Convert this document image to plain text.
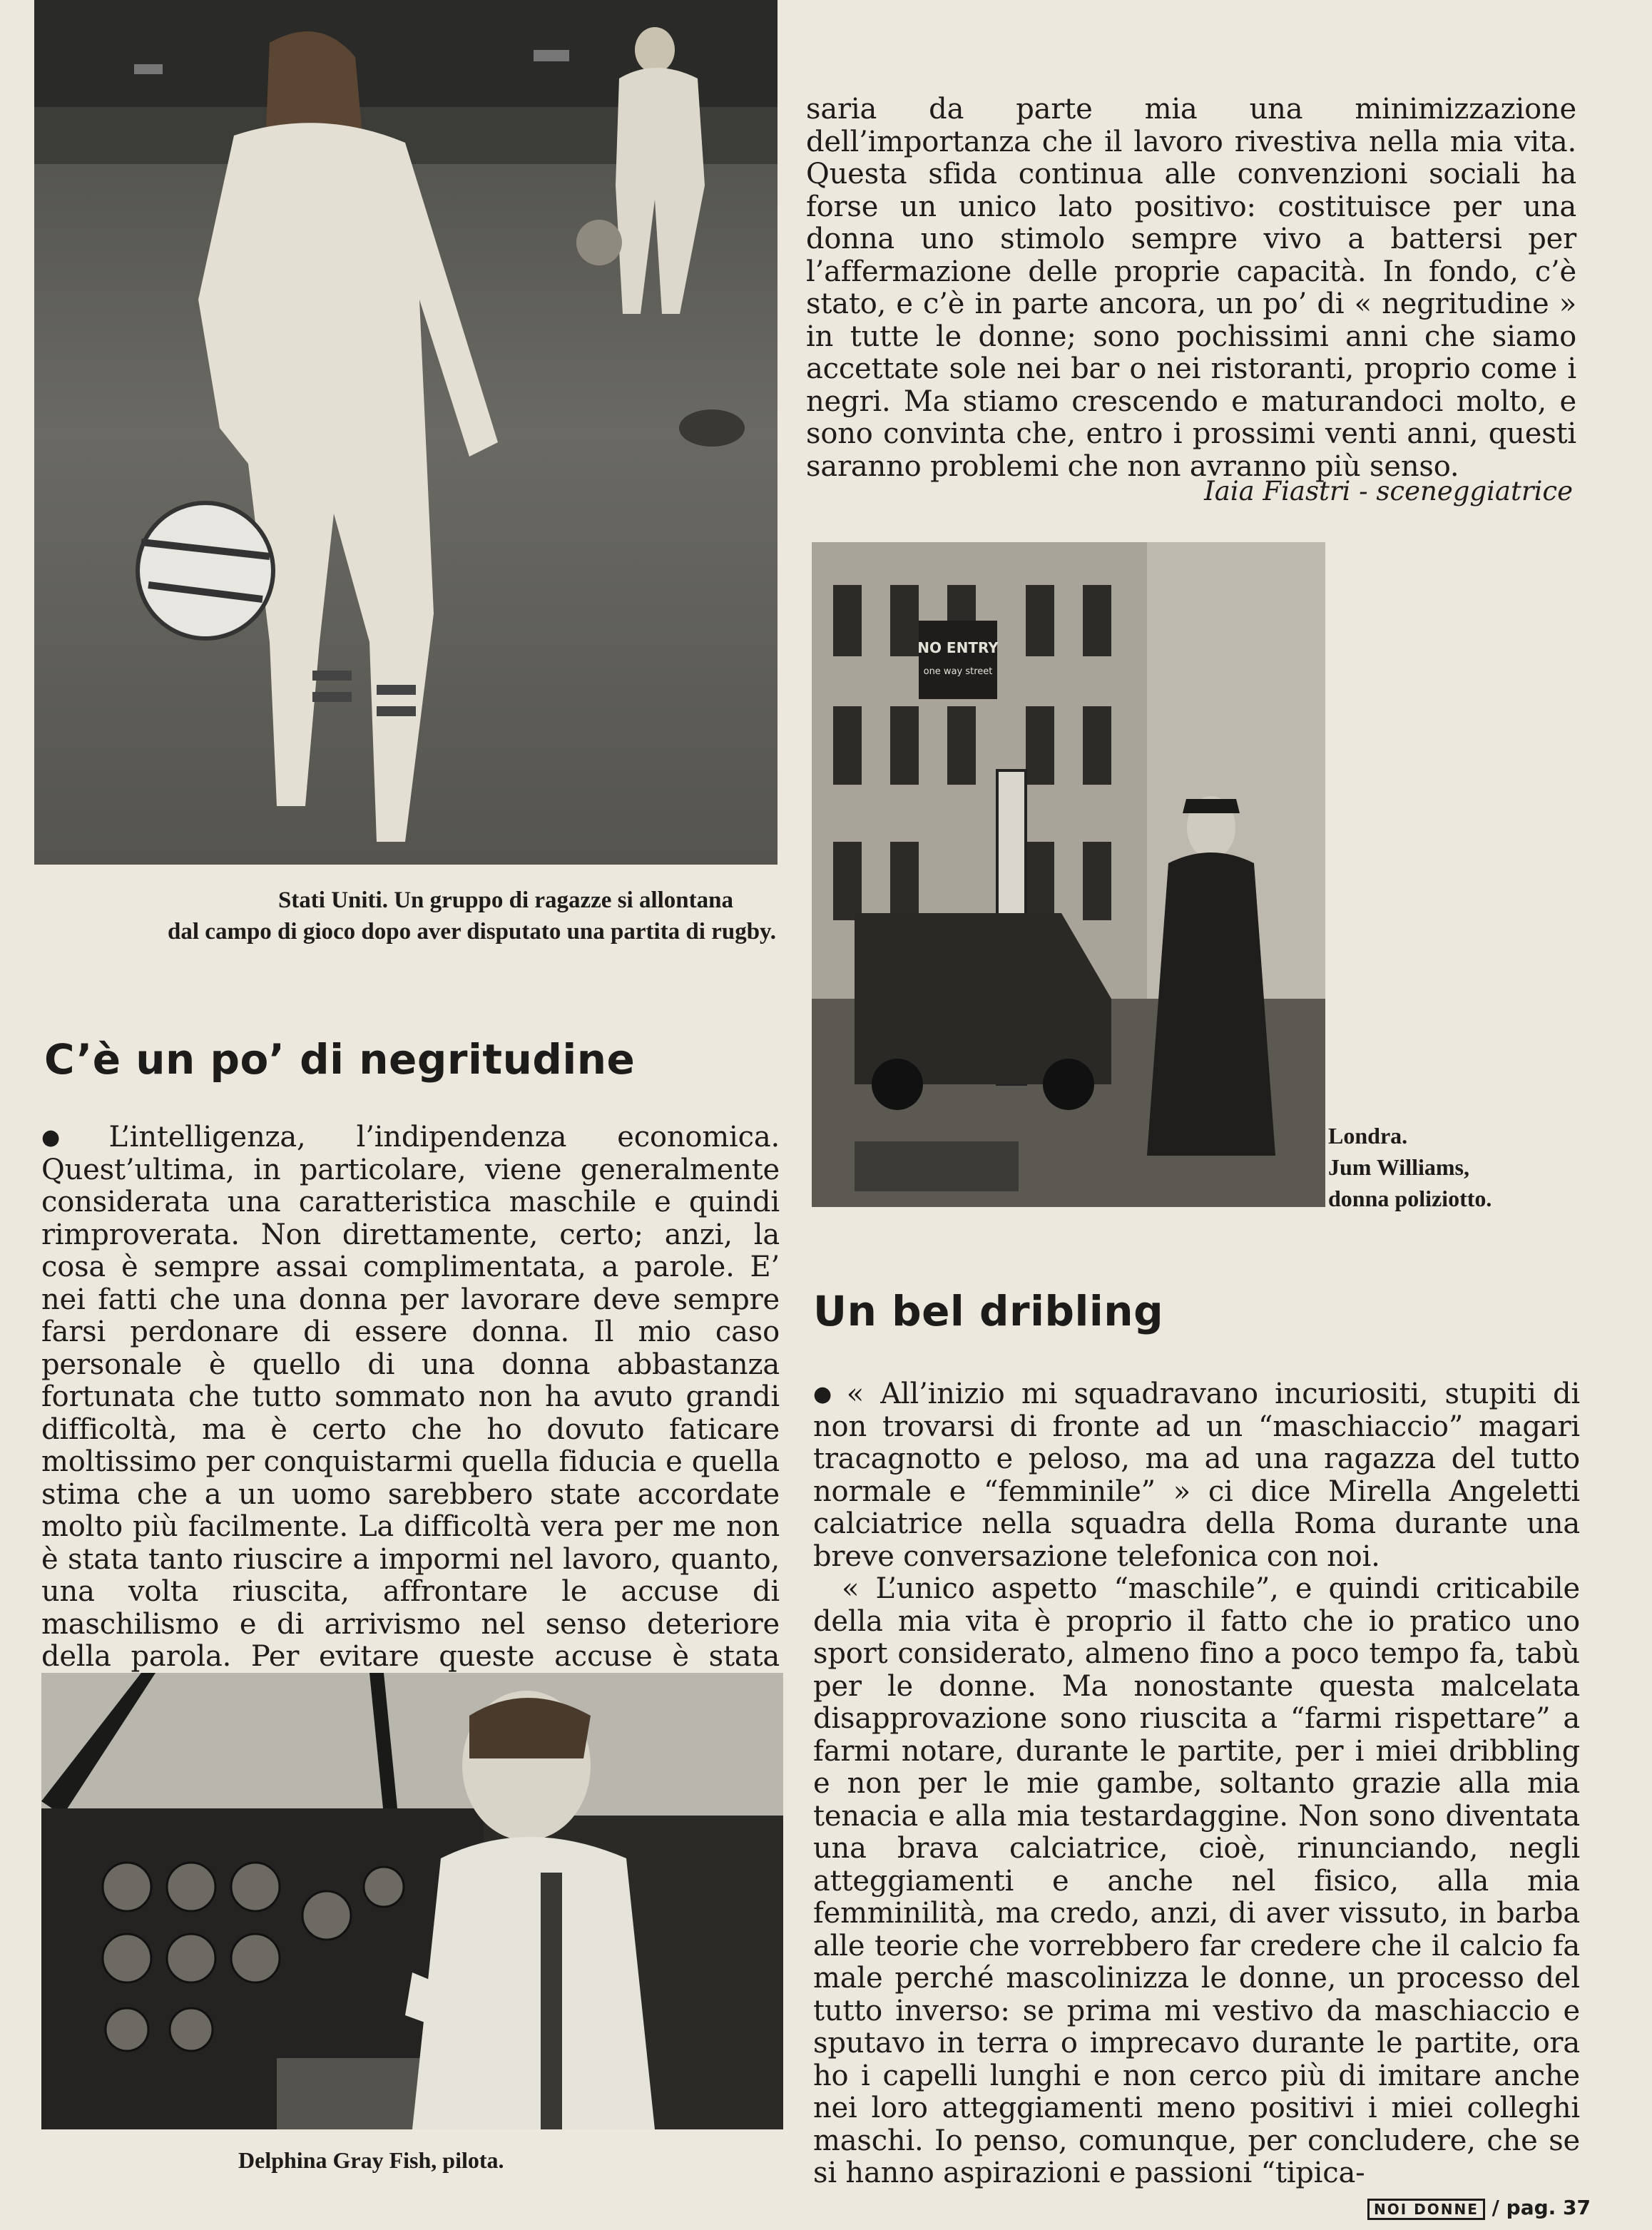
Stati Uniti. Un gruppo di ragazze si allontana
dal campo di gioco dopo aver disputato una partita di rugby.
C’è un po’ di negritudine

● L’intelligenza, l’indipendenza economica. Quest’ultima, in particolare, viene generalmente considerata una caratteristica maschile e quindi rimproverata. Non direttamente, certo; anzi, la cosa è sempre assai complimentata, a parole. E’ nei fatti che una donna per lavorare deve sempre farsi perdonare di essere donna. Il mio caso personale è quello di una donna abbastanza fortunata che tutto sommato non ha avuto grandi difficoltà, ma è certo che ho dovuto faticare moltissimo per conquistarmi quella fiducia e quella stima che a un uomo sarebbero state accordate molto più facilmente. La difficoltà vera per me non è stata tanto riuscire a impormi nel lavoro, quanto, una volta riuscita, affrontare le accuse di maschilismo e di arrivismo nel senso deteriore della parola. Per evitare queste accuse è stata

Delphina Gray Fish, pilota.

saria da parte mia una minimizzazione dell’importanza che il lavoro rivestiva nella mia vita. Questa sfida continua alle convenzioni sociali ha forse un unico lato positivo: costituisce per una donna uno stimolo sempre vivo a battersi per l’affermazione delle proprie capacità. In fondo, c’è stato, e c’è in parte ancora, un po’ di « negritudine » in tutte le donne; sono pochissimi anni che siamo accettate sole nei bar o nei ristoranti, proprio come i negri. Ma stiamo crescendo e maturandoci molto, e sono convinta che, entro i prossimi venti anni, questi saranno problemi che non avranno più senso.

Iaia Fiastri - sceneggiatrice
NO ENTRY
one way street
Londra.
Jum Williams,
donna poliziotto.
Un bel dribling

● « All’inizio mi squadravano incuriositi, stupiti di non trovarsi di fronte ad un “maschiaccio” magari tracagnotto e peloso, ma ad una ragazza del tutto normale e “femminile” » ci dice Mirella Angeletti calciatrice nella squadra della Roma durante una breve conversazione telefonica con noi.

« L’unico aspetto “maschile”, e quindi criticabile della mia vita è proprio il fatto che io pratico uno sport considerato, almeno fino a poco tempo fa, tabù per le donne. Ma nonostante questa malcelata disapprovazione sono riuscita a “farmi rispettare” a farmi notare, durante le partite, per i miei dribbling e non per le mie gambe, soltanto grazie alla mia tenacia e alla mia testardaggine. Non sono diventata una brava calciatrice, cioè, rinunciando, negli atteggiamenti e anche nel fisico, alla mia femminilità, ma credo, anzi, di aver vissuto, in barba alle teorie che vorrebbero far credere che il calcio fa male perché mascolinizza le donne, un processo del tutto inverso: se prima mi vestivo da maschiaccio e sputavo in terra o imprecavo durante le partite, ora ho i capelli lunghi e non cerco più di imitare anche nei loro atteggiamenti meno positivi i miei colleghi maschi. Io penso, comunque, per concludere, che se si hanno aspirazioni e passioni “tipica-

NOI DONNE / pag. 37
